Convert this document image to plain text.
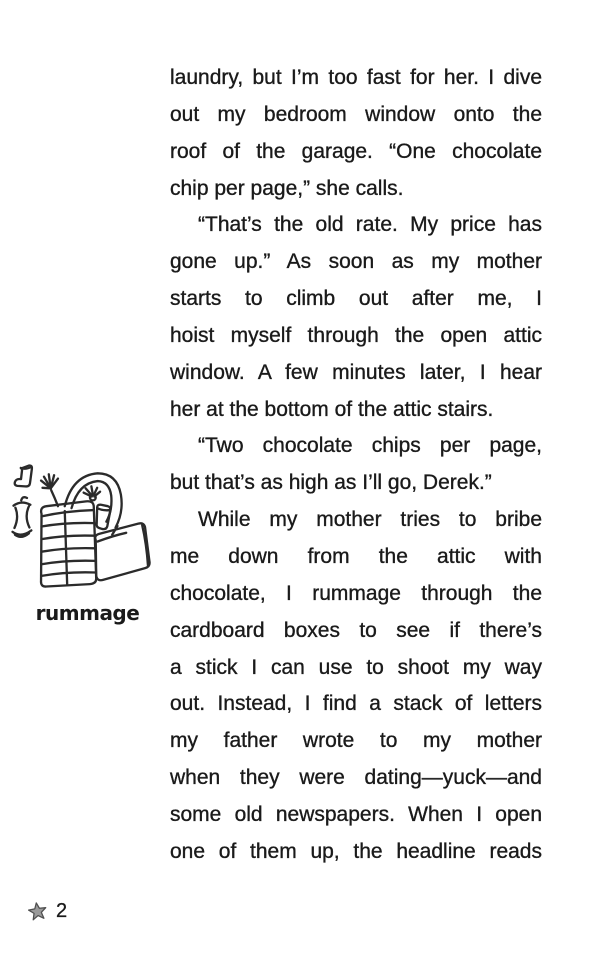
rummage
laundry, but I’m too fast for her. I dive
out my bedroom window onto the
roof of the garage. “One chocolate
chip per page,” she calls.
“That’s the old rate. My price has
gone up.” As soon as my mother
starts to climb out after me, I
hoist myself through the open attic
window. A few minutes later, I hear
her at the bottom of the attic stairs.
“Two chocolate chips per page,
but that’s as high as I’ll go, Derek.”
While my mother tries to bribe
me down from the attic with
chocolate, I rummage through the
cardboard boxes to see if there’s
a stick I can use to shoot my way
out. Instead, I find a stack of letters
my father wrote to my mother
when they were dating—yuck—and
some old newspapers. When I open
one of them up, the headline reads
2
